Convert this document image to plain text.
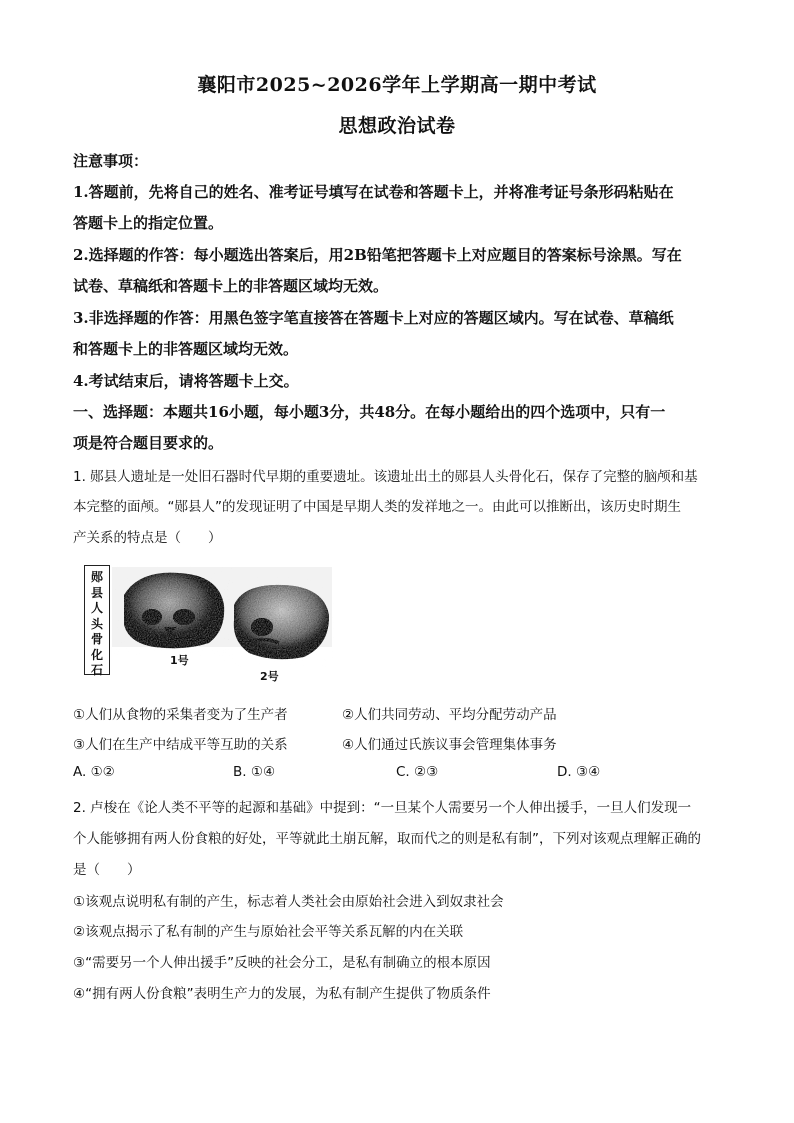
襄阳市2025~2026学年上学期高一期中考试
思想政治试卷
注意事项：
1.答题前，先将自己的姓名、准考证号填写在试卷和答题卡上，并将准考证号条形码粘贴在
答题卡上的指定位置。
2.选择题的作答：每小题选出答案后，用2B铅笔把答题卡上对应题目的答案标号涂黑。写在
试卷、草稿纸和答题卡上的非答题区域均无效。
3.非选择题的作答：用黑色签字笔直接答在答题卡上对应的答题区域内。写在试卷、草稿纸
和答题卡上的非答题区域均无效。
4.考试结束后，请将答题卡上交。
一、选择题：本题共16小题，每小题3分，共48分。在每小题给出的四个选项中，只有一
项是符合题目要求的。
1. 郧县人遗址是一处旧石器时代早期的重要遗址。该遗址出土的郧县人头骨化石，保存了完整的脑颅和基
本完整的面颅。“郧县人”的发现证明了中国是早期人类的发祥地之一。由此可以推断出，该历史时期生
产关系的特点是（　　）
郧
县
人
头
骨
化
石
1号
2号
①人们从食物的采集者变为了生产者	②人们共同劳动、平均分配劳动产品
③人们在生产中结成平等互助的关系	④人们通过氏族议事会管理集体事务
A. ①②	B. ①④	C. ②③	D. ③④
2. 卢梭在《论人类不平等的起源和基础》中提到：“一旦某个人需要另一个人伸出援手，一旦人们发现一
个人能够拥有两人份食粮的好处，平等就此土崩瓦解，取而代之的则是私有制”，下列对该观点理解正确的
是（　　）
①该观点说明私有制的产生，标志着人类社会由原始社会进入到奴隶社会
②该观点揭示了私有制的产生与原始社会平等关系瓦解的内在关联
③“需要另一个人伸出援手”反映的社会分工，是私有制确立的根本原因
④“拥有两人份食粮”表明生产力的发展，为私有制产生提供了物质条件
